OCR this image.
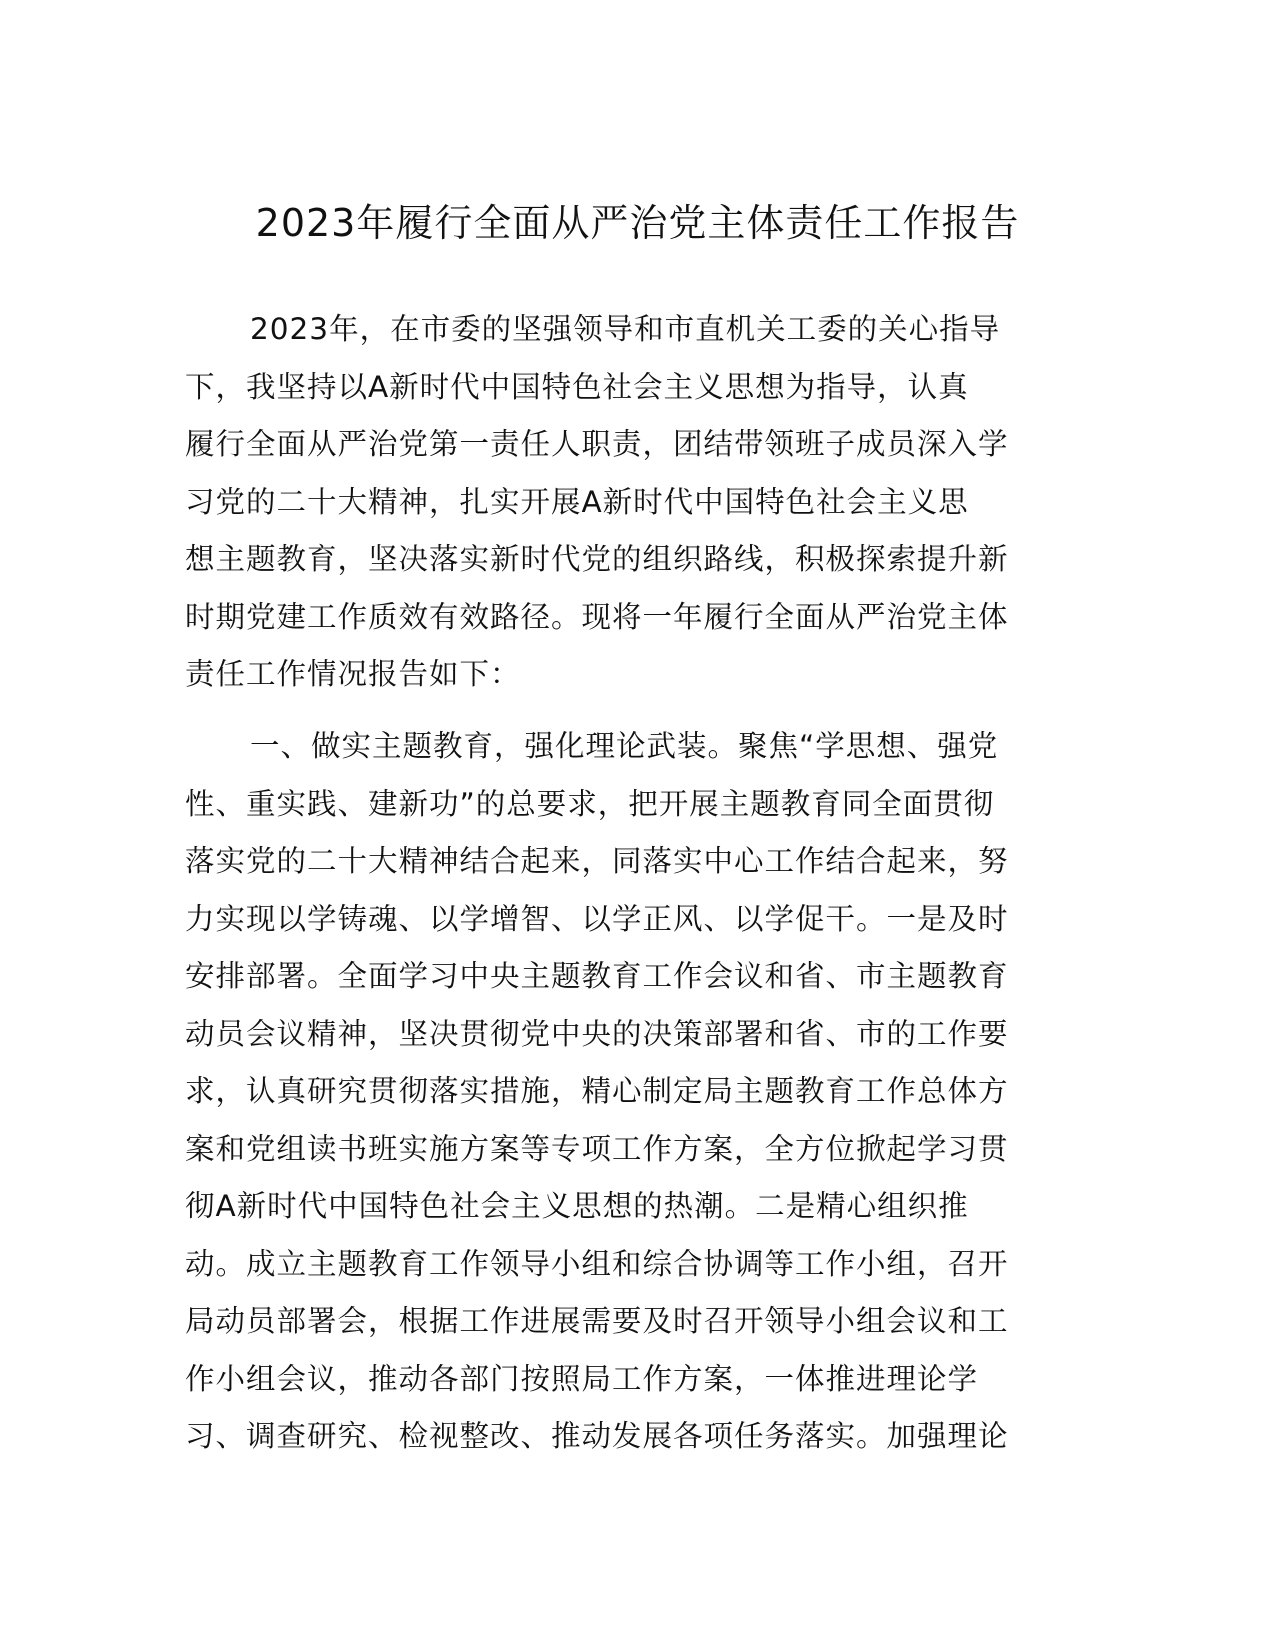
2023年履行全面从严治党主体责任工作报告
2023年，在市委的坚强领导和市直机关工委的关心指导
下，我坚持以A新时代中国特色社会主义思想为指导，认真
履行全面从严治党第一责任人职责，团结带领班子成员深入学
习党的二十大精神，扎实开展A新时代中国特色社会主义思
想主题教育，坚决落实新时代党的组织路线，积极探索提升新
时期党建工作质效有效路径。现将一年履行全面从严治党主体
责任工作情况报告如下：
一、做实主题教育，强化理论武装。聚焦“学思想、强党
性、重实践、建新功”的总要求，把开展主题教育同全面贯彻
落实党的二十大精神结合起来，同落实中心工作结合起来，努
力实现以学铸魂、以学增智、以学正风、以学促干。一是及时
安排部署。全面学习中央主题教育工作会议和省、市主题教育
动员会议精神，坚决贯彻党中央的决策部署和省、市的工作要
求，认真研究贯彻落实措施，精心制定局主题教育工作总体方
案和党组读书班实施方案等专项工作方案，全方位掀起学习贯
彻A新时代中国特色社会主义思想的热潮。二是精心组织推
动。成立主题教育工作领导小组和综合协调等工作小组，召开
局动员部署会，根据工作进展需要及时召开领导小组会议和工
作小组会议，推动各部门按照局工作方案，一体推进理论学
习、调查研究、检视整改、推动发展各项任务落实。加强理论
